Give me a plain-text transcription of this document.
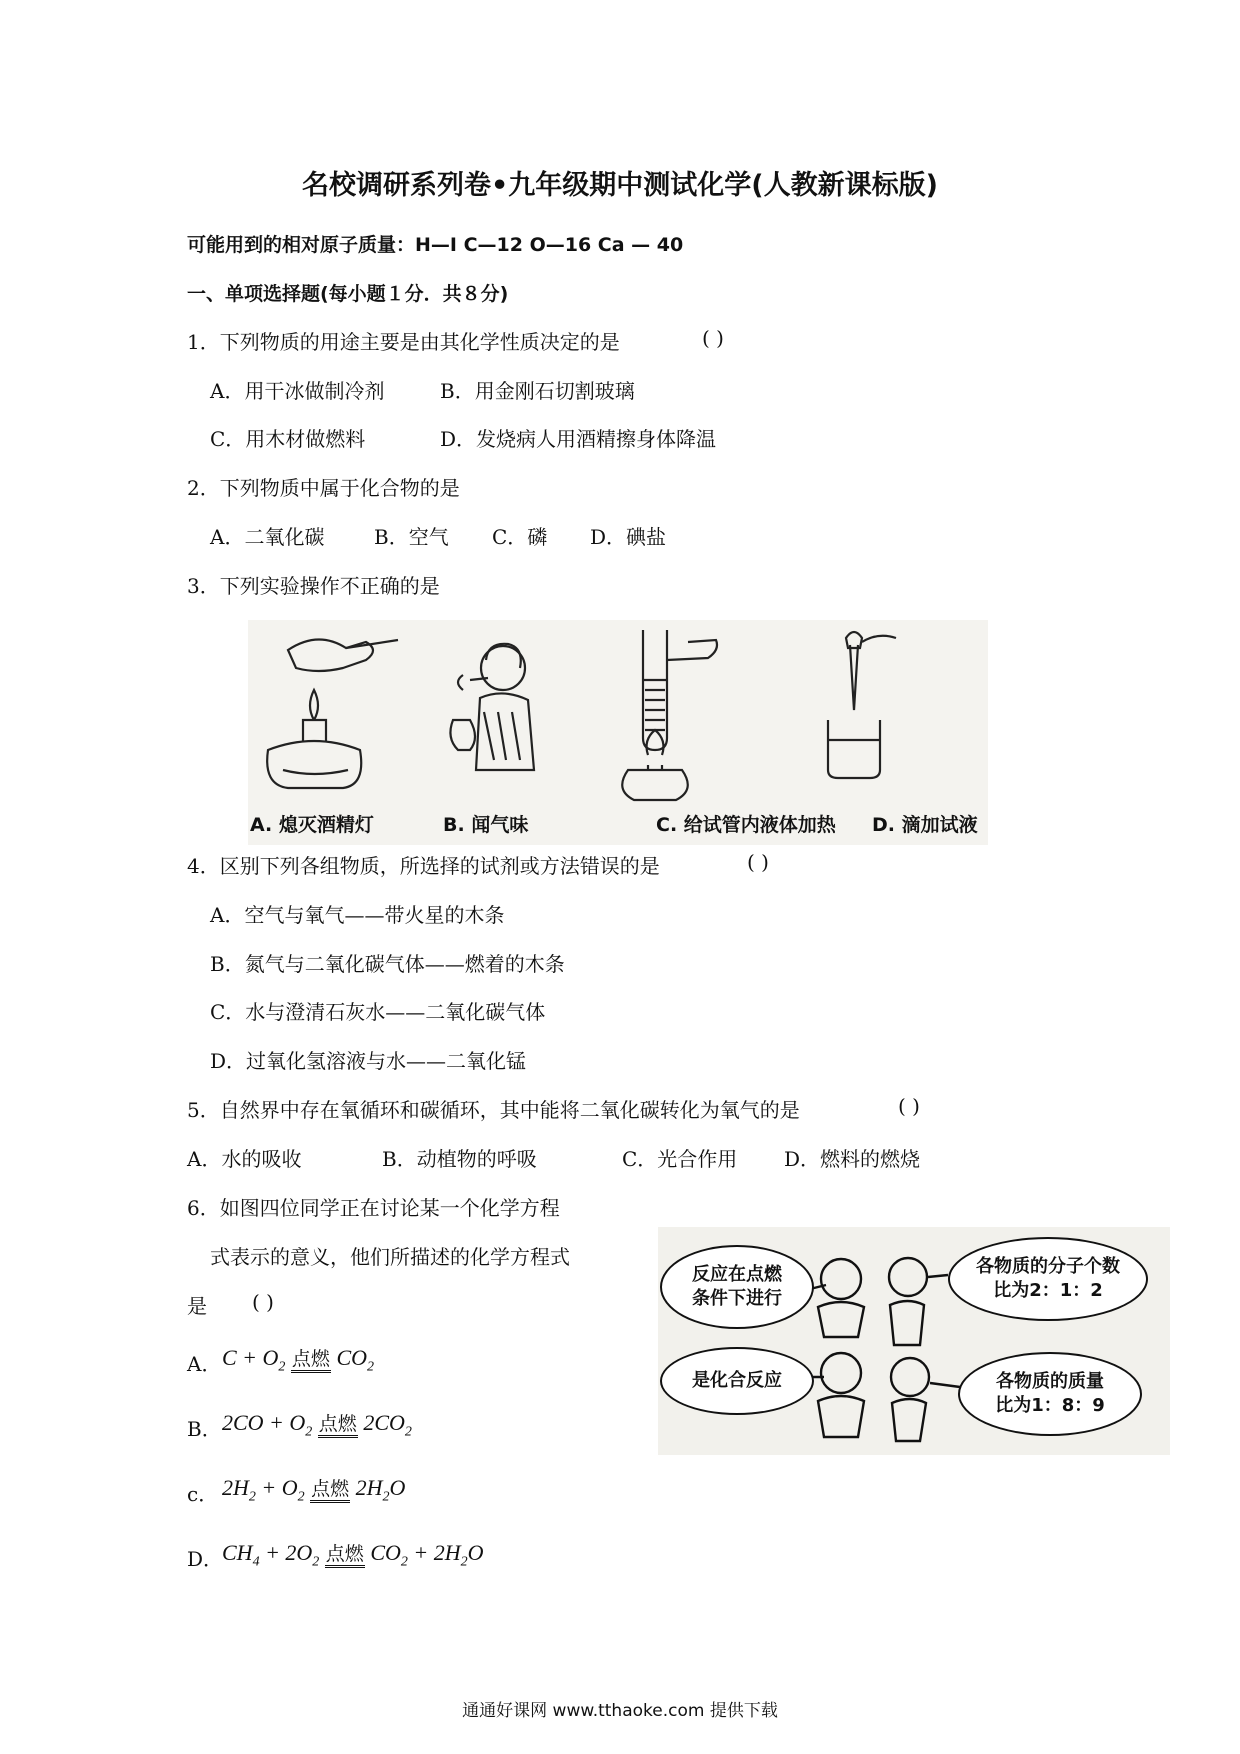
名校调研系列卷•九年级期中测试化学(人教新课标版)
可能用到的相对原子质量：H—I C—12 O—16 Ca — 40
一、单项选择题(每小题１分．共８分)
1．下列物质的用途主要是由其化学性质决定的是	( )
A．用干冰做制冷剂	B．用金刚石切割玻璃
C．用木材做燃料	D．发烧病人用酒精擦身体降温
2．下列物质中属于化合物的是
A．二氧化碳 B．空气 C．磷 D．碘盐
3．下列实验操作不正确的是
A. 熄灭酒精灯	B. 闻气味	C. 给试管内液体加热 D. 滴加试液
4．区别下列各组物质，所选择的试剂或方法错误的是	( )
A．空气与氧气——带火星的木条
B．氮气与二氧化碳气体——燃着的木条
C．水与澄清石灰水——二氧化碳气体
D．过氧化氢溶液与水——二氧化锰
5．自然界中存在氧循环和碳循环，其中能将二氧化碳转化为氧气的是	( )
A．水的吸收	B．动植物的呼吸	C．光合作用 D．燃料的燃烧
6．如图四位同学正在讨论某一个化学方程
式表示的意义，他们所描述的化学方程式
是 ( )
反应在点燃
条件下进行
各物质的分子个数
比为2：1：2
是化合反应	各物质的质量
比为1：8：9
A． $C + O_2$ 点燃 $CO_2$
B． $2CO + O_2$ 点燃 $2CO_2$
c． $2H_2 + O_2$ 点燃 $2H_2O$
D．
$CH_4 + 2O_2$ 点燃 $CO_2 + 2H_2O$
通通好课网 www.tthaoke.com 提供下载
